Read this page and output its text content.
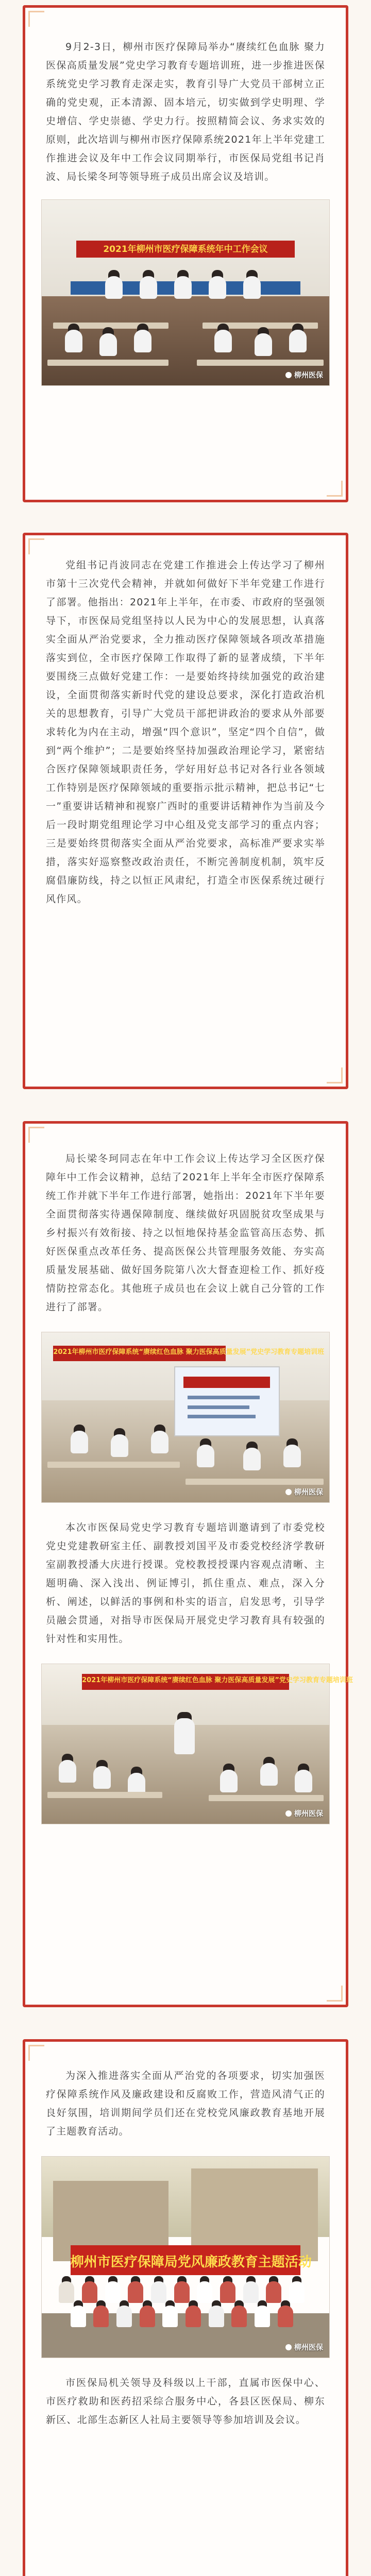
9月2-3日，柳州市医疗保障局举办“赓续红色血脉 聚力医保高质量发展”党史学习教育专题培训班，进一步推进医保系统党史学习教育走深走实，教育引导广大党员干部树立正确的党史观，正本清源、固本培元，切实做到学史明理、学史增信、学史崇德、学史力行。按照精简会议、务求实效的原则，此次培训与柳州市医疗保障系统2021年上半年党建工作推进会议及年中工作会议同期举行，市医保局党组书记肖波、局长梁冬珂等领导班子成员出席会议及培训。

2021年柳州市医疗保障系统年中工作会议
柳州医保

党组书记肖波同志在党建工作推进会上传达学习了柳州市第十三次党代会精神，并就如何做好下半年党建工作进行了部署。他指出：2021年上半年，在市委、市政府的坚强领导下，市医保局党组坚持以人民为中心的发展思想，认真落实全面从严治党要求，全力推动医疗保障领域各项改革措施落实到位，全市医疗保障工作取得了新的显著成绩，下半年要围绕三点做好党建工作：一是要始终持续加强党的政治建设，全面贯彻落实新时代党的建设总要求，深化打造政治机关的思想教育，引导广大党员干部把讲政治的要求从外部要求转化为内在主动，增强“四个意识”，坚定“四个自信”，做到“两个维护”；二是要始终坚持加强政治理论学习，紧密结合医疗保障领域职责任务，学好用好总书记对各行业各领域工作特别是医疗保障领域的重要指示批示精神，把总书记“七一”重要讲话精神和视察广西时的重要讲话精神作为当前及今后一段时期党组理论学习中心组及党支部学习的重点内容；三是要始终贯彻落实全面从严治党要求，高标准严要求实举措，落实好巡察整改政治责任，不断完善制度机制，筑牢反腐倡廉防线，持之以恒正风肃纪，打造全市医保系统过硬行风作风。

局长梁冬珂同志在年中工作会议上传达学习全区医疗保障年中工作会议精神，总结了2021年上半年全市医疗保障系统工作并就下半年工作进行部署，她指出：2021年下半年要全面贯彻落实待遇保障制度、继续做好巩固脱贫攻坚成果与乡村振兴有效衔接、持之以恒地保持基金监管高压态势、抓好医保重点改革任务、提高医保公共管理服务效能、夯实高质量发展基础、做好国务院第八次大督查迎检工作、抓好疫情防控常态化。其他班子成员也在会议上就自己分管的工作进行了部署。

2021年柳州市医疗保障系统“赓续红色血脉 聚力医保高质量发展”党史学习教育专题培训班
柳州医保

本次市医保局党史学习教育专题培训邀请到了市委党校党史党建教研室主任、副教授刘国平及市委党校经济学教研室副教授潘大庆进行授课。党校教授授课内容观点清晰、主题明确、深入浅出、例证博引，抓住重点、难点，深入分析、阐述，以鲜活的事例和朴实的语言，启发思考，引导学员融会贯通，对指导市医保局开展党史学习教育具有较强的针对性和实用性。

2021年柳州市医疗保障系统“赓续红色血脉 聚力医保高质量发展”党史学习教育专题培训班
柳州医保

为深入推进落实全面从严治党的各项要求，切实加强医疗保障系统作风及廉政建设和反腐败工作，营造风清气正的良好氛围，培训期间学员们还在党校党风廉政教育基地开展了主题教育活动。

柳州市医疗保障局党风廉政教育主题活动
柳州医保

市医保局机关领导及科级以上干部，直属市医保中心、市医疗救助和医药招采综合服务中心，各县区医保局、柳东新区、北部生态新区人社局主要领导等参加培训及会议。
